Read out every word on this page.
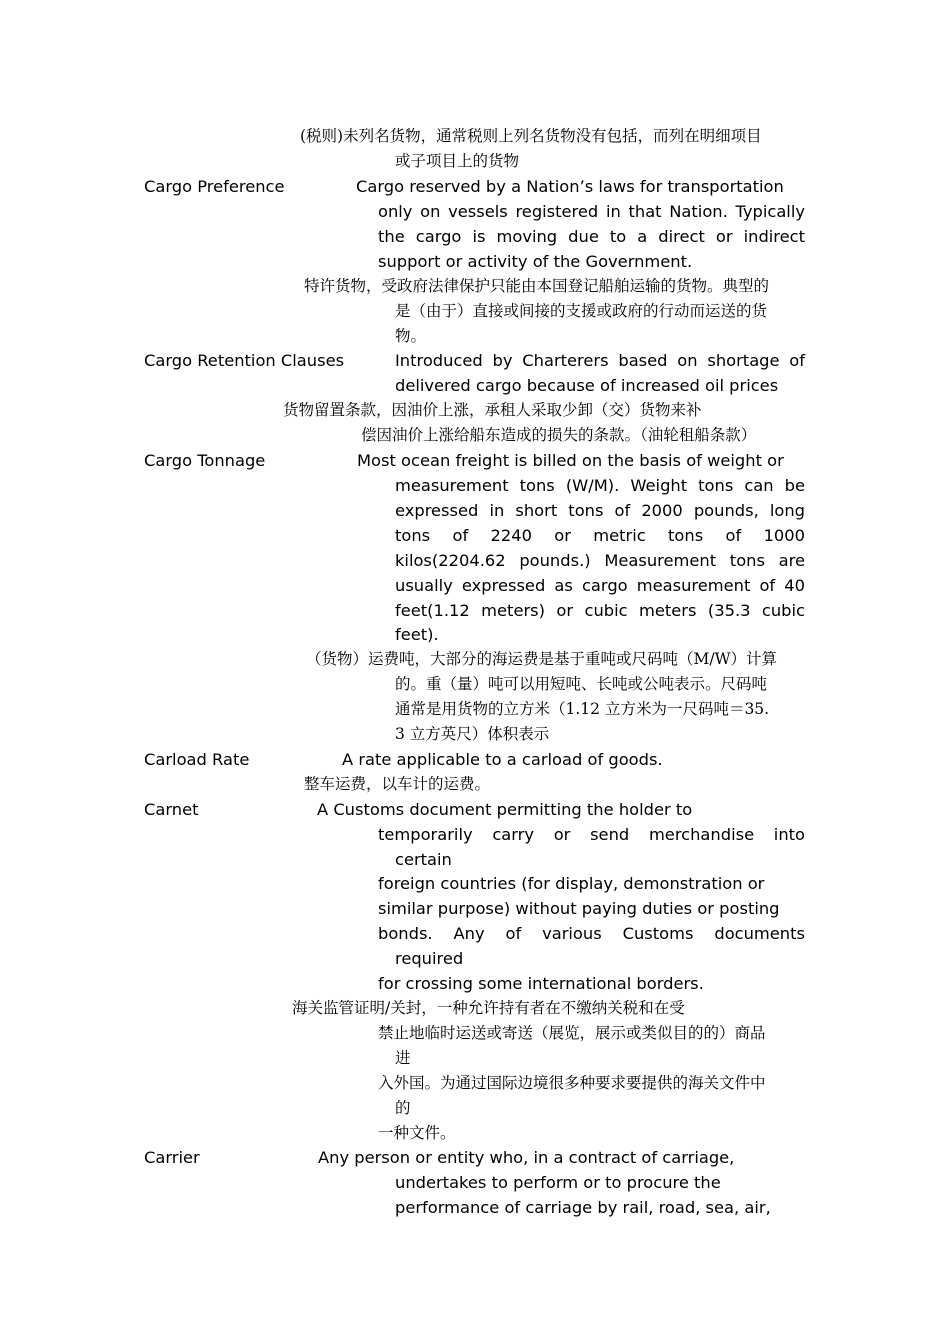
(税则)未列名货物，通常税则上列名货物没有包括，而列在明细项目
或子项目上的货物
Cargo Preference	Cargo reserved by a Nation’s laws for transportation
only on vessels registered in that Nation. Typically
the cargo is moving due to a direct or indirect
support or activity of the Government.
特许货物，受政府法律保护只能由本国登记船舶运输的货物。典型的
是（由于）直接或间接的支援或政府的行动而运送的货
物。
Cargo Retention Clauses	Introduced by Charterers based on shortage of
delivered cargo because of increased oil prices
货物留置条款，因油价上涨，承租人采取少卸（交）货物来补
偿因油价上涨给船东造成的损失的条款。（油轮租船条款）
Cargo Tonnage	Most ocean freight is billed on the basis of weight or
measurement tons (W/M). Weight tons can be
expressed in short tons of 2000 pounds, long
tons of 2240 or metric tons of 1000
kilos(2204.62 pounds.) Measurement tons are
usually expressed as cargo measurement of 40
feet(1.12 meters) or cubic meters (35.3 cubic
feet).
（货物）运费吨，大部分的海运费是基于重吨或尺码吨（M/W）计算
的。重（量）吨可以用短吨、长吨或公吨表示。尺码吨
通常是用货物的立方米（1.12 立方米为一尺码吨＝35.
3 立方英尺）体积表示
Carload Rate	A rate applicable to a carload of goods.
整车运费，以车计的运费。
Carnet	A Customs document permitting the holder to
temporarily carry or send merchandise into
certain
foreign countries (for display, demonstration or
similar purpose) without paying duties or posting
bonds. Any of various Customs documents
required
for crossing some international borders.
海关监管证明/关封，一种允许持有者在不缴纳关税和在受
禁止地临时运送或寄送（展览，展示或类似目的的）商品
进
入外国。为通过国际边境很多种要求要提供的海关文件中
的
一种文件。
Carrier	Any person or entity who, in a contract of carriage,
undertakes to perform or to procure the
performance of carriage by rail, road, sea, air,
